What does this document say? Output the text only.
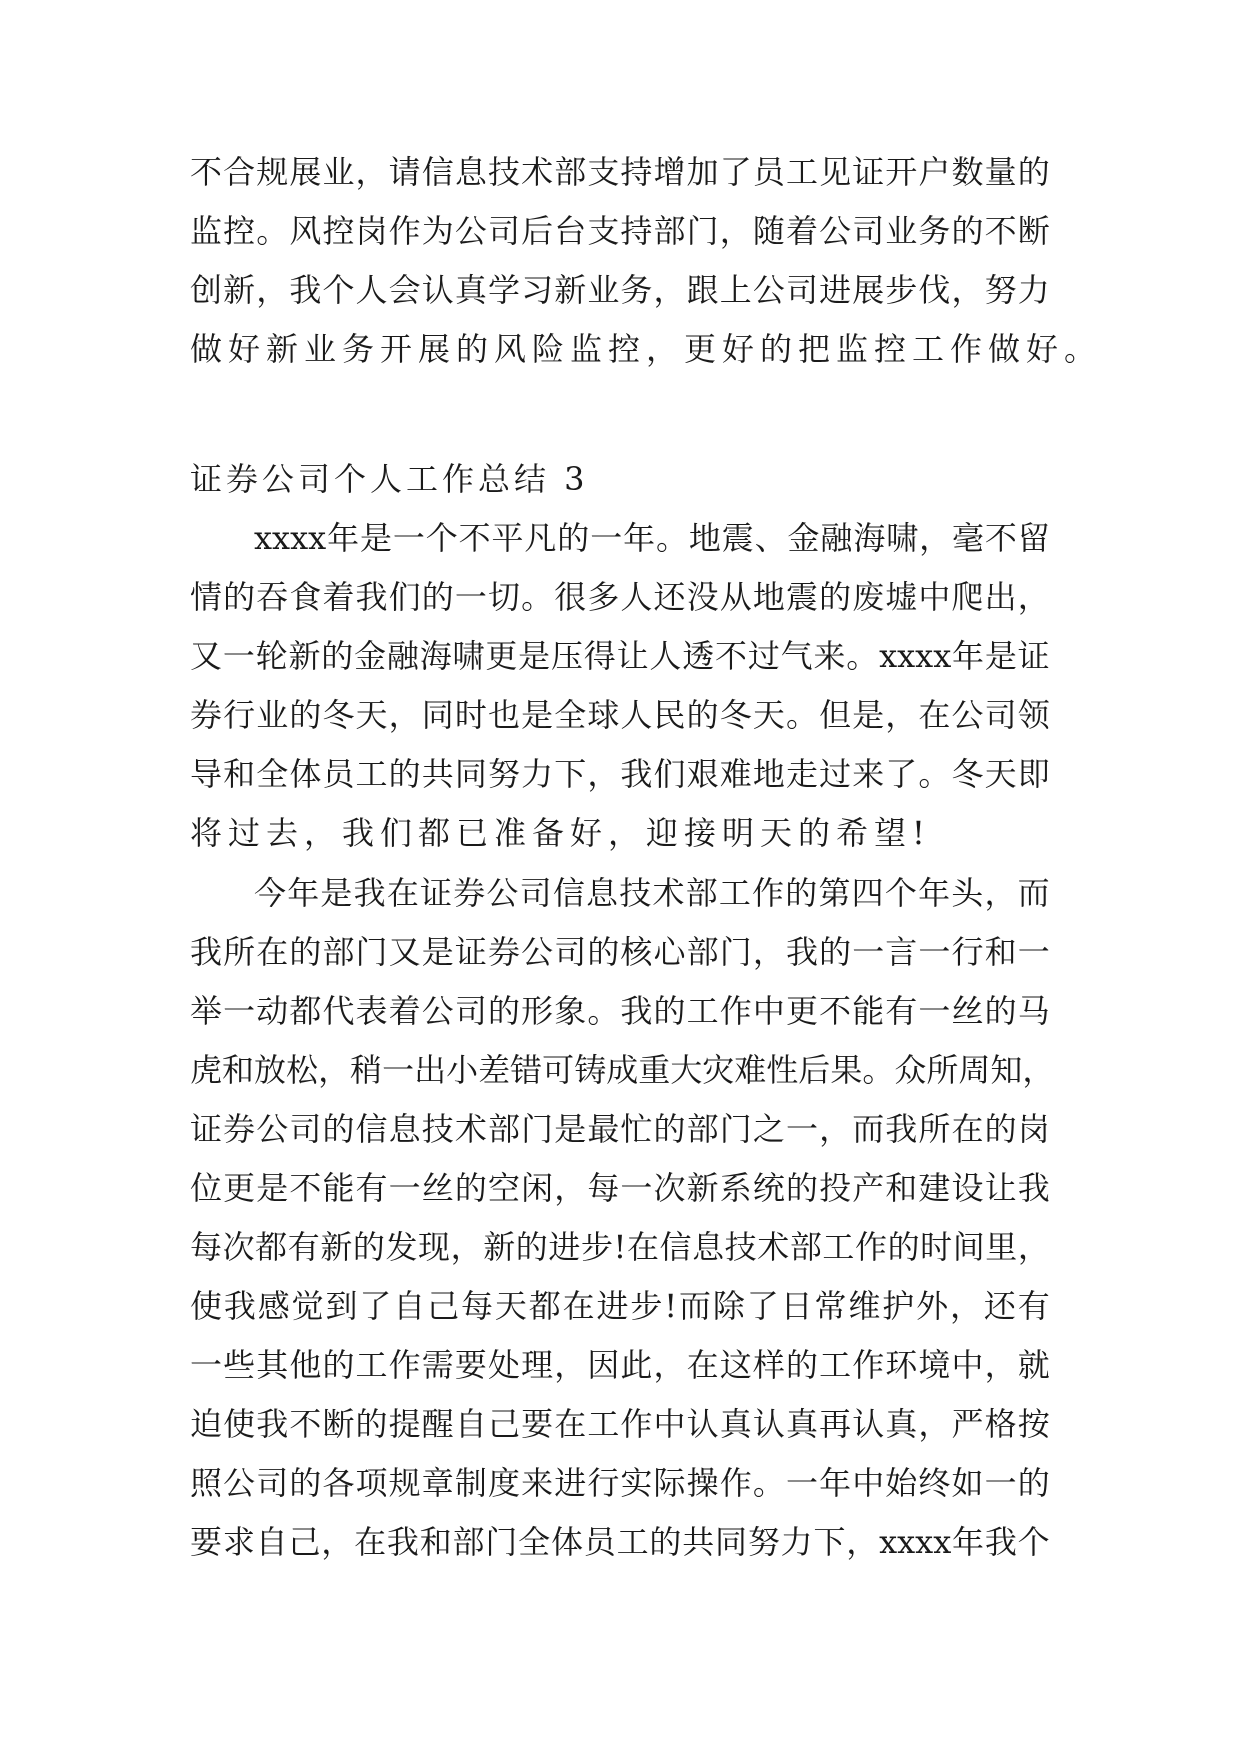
不 合 规 展 业 ， 请 信 息 技 术 部 支 持 增 加 了 员 工 见 证 开 户 数 量 的
监 控 。 风 控 岗 作 为 公 司 后 台 支 持 部 门 ， 随 着 公 司 业 务 的 不 断
创 新 ， 我 个 人 会 认 真 学 习 新 业 务 ， 跟 上 公 司 进 展 步 伐 ， 努 力
做好新业务开展的风险监控，更好的把监控工作做好。
证券公司个人工作总结 3
xxxx 年 是 一 个 不 平 凡 的 一 年 。 地 震 、 金 融 海 啸 ， 毫 不 留
情 的 吞 食 着 我 们 的 一 切 。 很 多 人 还 没 从 地 震 的 废 墟 中 爬 出 ，
又 一 轮 新 的 金 融 海 啸 更 是 压 得 让 人 透 不 过 气 来 。 xxxx 年 是 证
券 行 业 的 冬 天 ， 同 时 也 是 全 球 人 民 的 冬 天 。 但 是 ， 在 公 司 领
导 和 全 体 员 工 的 共 同 努 力 下 ， 我 们 艰 难 地 走 过 来 了 。 冬 天 即
将过去，我们都已准备好，迎接明天的希望!
今 年 是 我 在 证 券 公 司 信 息 技 术 部 工 作 的 第 四 个 年 头 ， 而
我 所 在 的 部 门 又 是 证 券 公 司 的 核 心 部 门 ， 我 的 一 言 一 行 和 一
举 一 动 都 代 表 着 公 司 的 形 象 。 我 的 工 作 中 更 不 能 有 一 丝 的 马
虎 和 放 松 ， 稍 一 出 小 差 错 可 铸 成 重 大 灾 难 性 后 果 。 众 所 周 知 ，
证 券 公 司 的 信 息 技 术 部 门 是 最 忙 的 部 门 之 一 ， 而 我 所 在 的 岗
位 更 是 不 能 有 一 丝 的 空 闲 ， 每 一 次 新 系 统 的 投 产 和 建 设 让 我
每 次 都 有 新 的 发 现 ， 新 的 进 步 ! 在 信 息 技 术 部 工 作 的 时 间 里 ，
使 我 感 觉 到 了 自 己 每 天 都 在 进 步 ! 而 除 了 日 常 维 护 外 ， 还 有
一 些 其 他 的 工 作 需 要 处 理 ， 因 此 ， 在 这 样 的 工 作 环 境 中 ， 就
迫 使 我 不 断 的 提 醒 自 己 要 在 工 作 中 认 真 认 真 再 认 真 ， 严 格 按
照 公 司 的 各 项 规 章 制 度 来 进 行 实 际 操 作 。 一 年 中 始 终 如 一 的
要 求 自 己 ， 在 我 和 部 门 全 体 员 工 的 共 同 努 力 下 ， xxxx 年 我 个
